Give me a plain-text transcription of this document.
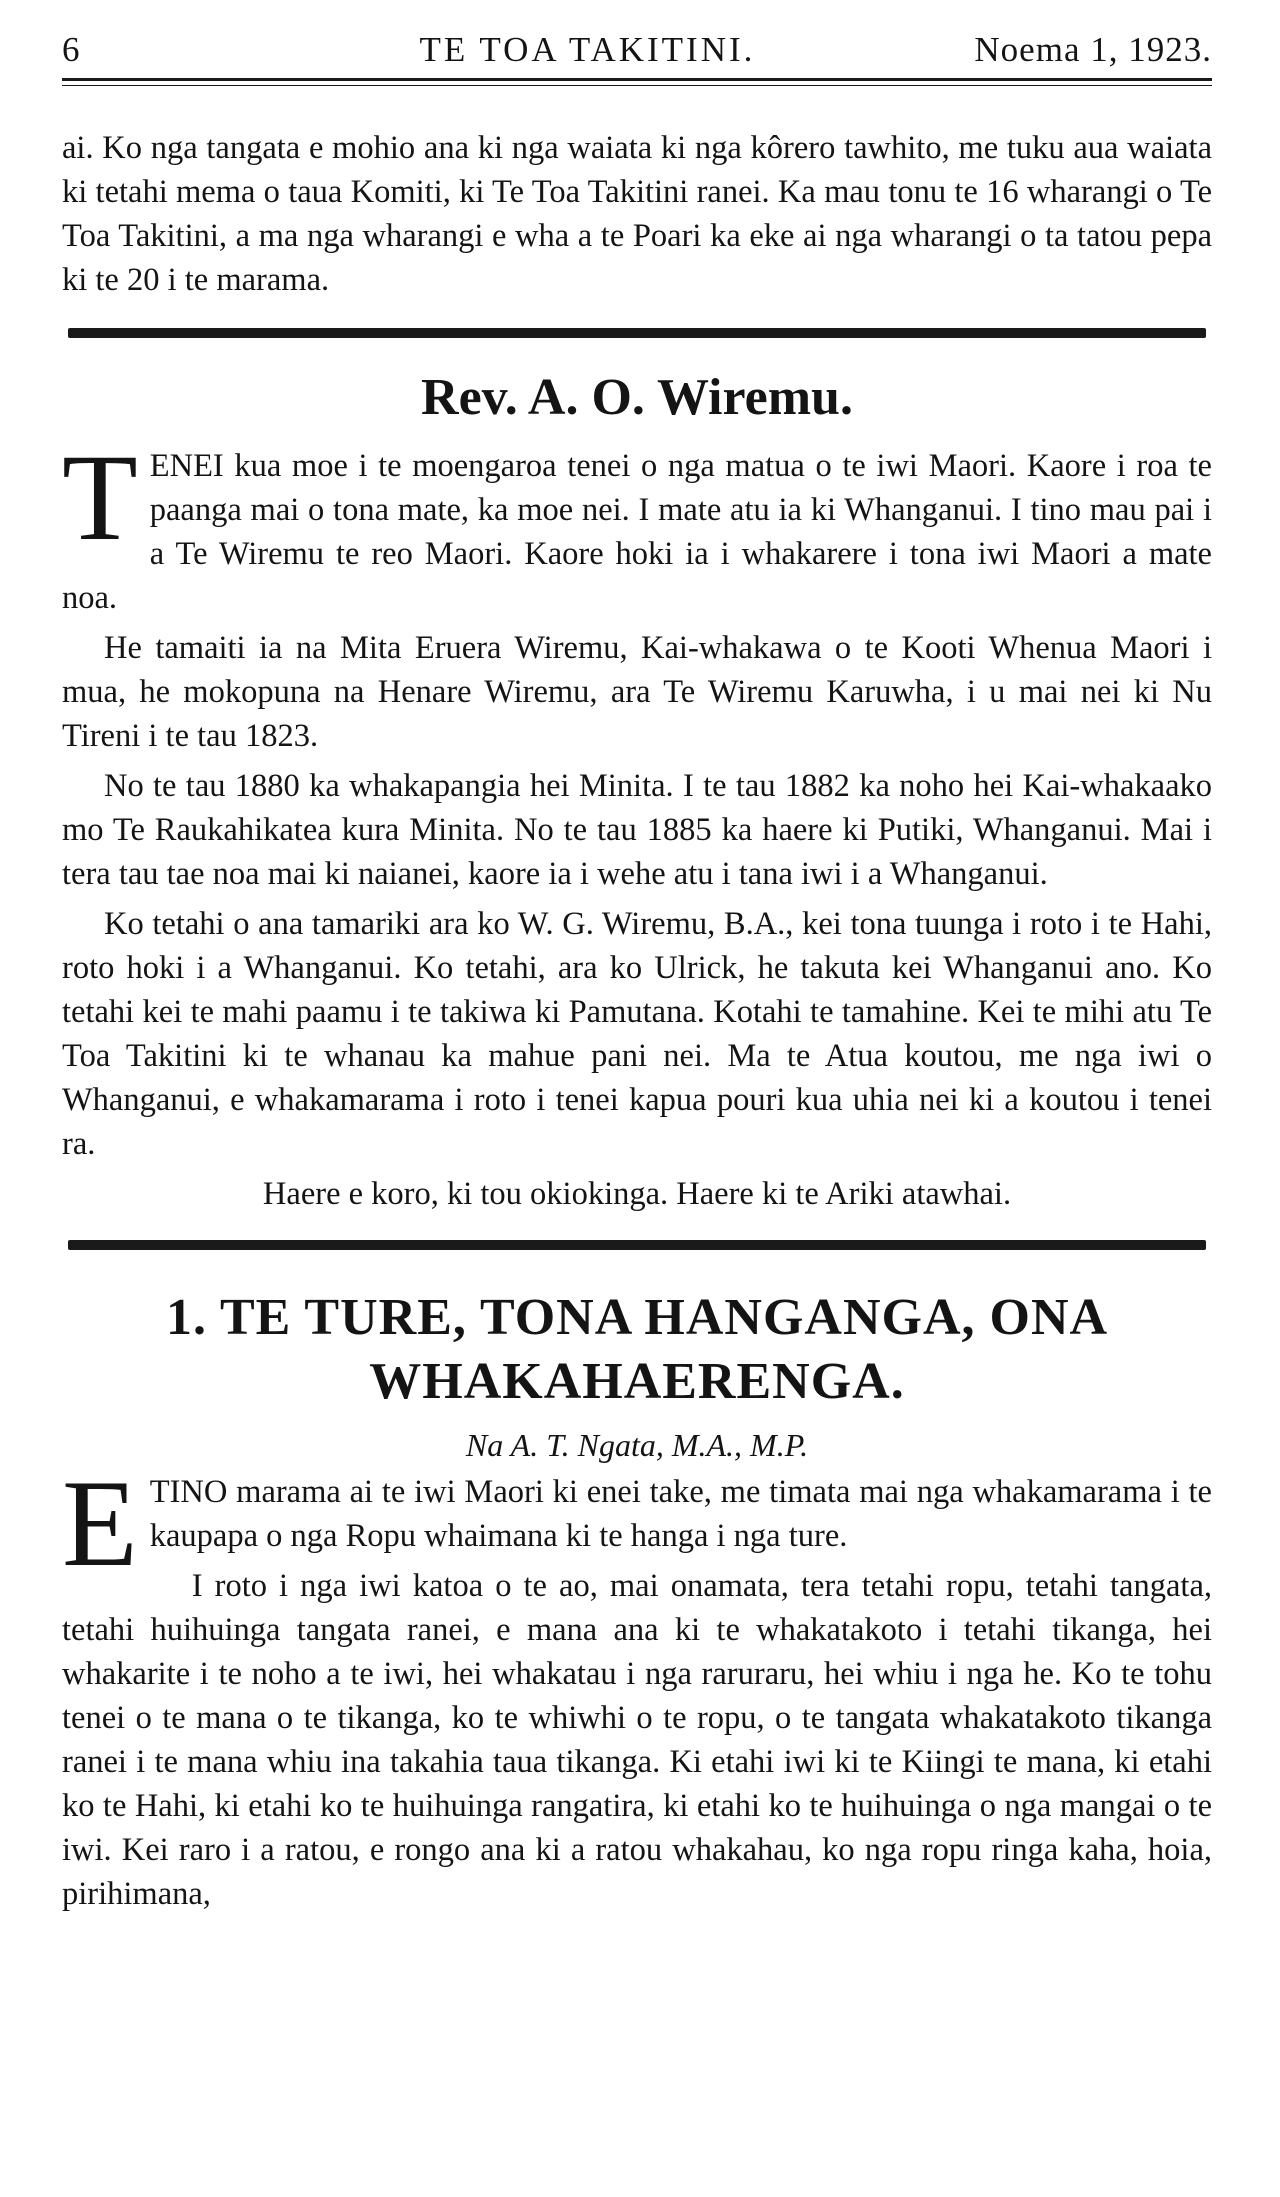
6	TE TOA TAKITINI.	Noema 1, 1923.

ai. Ko nga tangata e mohio ana ki nga waiata ki nga kôrero tawhito, me tuku aua waiata ki tetahi mema o taua Komiti, ki Te Toa Takitini ranei. Ka mau tonu te 16 wharangi o Te Toa Takitini, a ma nga wharangi e wha a te Poari ka eke ai nga wharangi o ta tatou pepa ki te 20 i te marama.

Rev. A. O. Wiremu.

TENEI kua moe i te moengaroa tenei o nga matua o te iwi Maori. Kaore i roa te paanga mai o tona mate, ka moe nei. I mate atu ia ki Whanganui. I tino mau pai i a Te Wiremu te reo Maori. Kaore hoki ia i whakarere i tona iwi Maori a mate noa.

He tamaiti ia na Mita Eruera Wiremu, Kai-whakawa o te Kooti Whenua Maori i mua, he mokopuna na Henare Wiremu, ara Te Wiremu Karuwha, i u mai nei ki Nu Tireni i te tau 1823.

No te tau 1880 ka whakapangia hei Minita. I te tau 1882 ka noho hei Kai-whakaako mo Te Raukahikatea kura Minita. No te tau 1885 ka haere ki Putiki, Whanganui. Mai i tera tau tae noa mai ki naianei, kaore ia i wehe atu i tana iwi i a Whanganui.

Ko tetahi o ana tamariki ara ko W. G. Wiremu, B.A., kei tona tuunga i roto i te Hahi, roto hoki i a Whanganui. Ko tetahi, ara ko Ulrick, he takuta kei Whanganui ano. Ko tetahi kei te mahi paamu i te takiwa ki Pamutana. Kotahi te tamahine. Kei te mihi atu Te Toa Takitini ki te whanau ka mahue pani nei. Ma te Atua koutou, me nga iwi o Whanganui, e whakamarama i roto i tenei kapua pouri kua uhia nei ki a koutou i tenei ra.

Haere e koro, ki tou okiokinga. Haere ki te Ariki atawhai.

1. TE TURE, TONA HANGANGA, ONA WHAKAHAERENGA.
Na A. T. Ngata, M.A., M.P.

ETINO marama ai te iwi Maori ki enei take, me timata mai nga whakamarama i te kaupapa o nga Ropu whaimana ki te hanga i nga ture.

I roto i nga iwi katoa o te ao, mai onamata, tera tetahi ropu, tetahi tangata, tetahi huihuinga tangata ranei, e mana ana ki te whakatakoto i tetahi tikanga, hei whakarite i te noho a te iwi, hei whakatau i nga raruraru, hei whiu i nga he. Ko te tohu tenei o te mana o te tikanga, ko te whiwhi o te ropu, o te tangata whakatakoto tikanga ranei i te mana whiu ina takahia taua tikanga. Ki etahi iwi ki te Kiingi te mana, ki etahi ko te Hahi, ki etahi ko te huihuinga rangatira, ki etahi ko te huihuinga o nga mangai o te iwi. Kei raro i a ratou, e rongo ana ki a ratou whakahau, ko nga ropu ringa kaha, hoia, pirihimana,
